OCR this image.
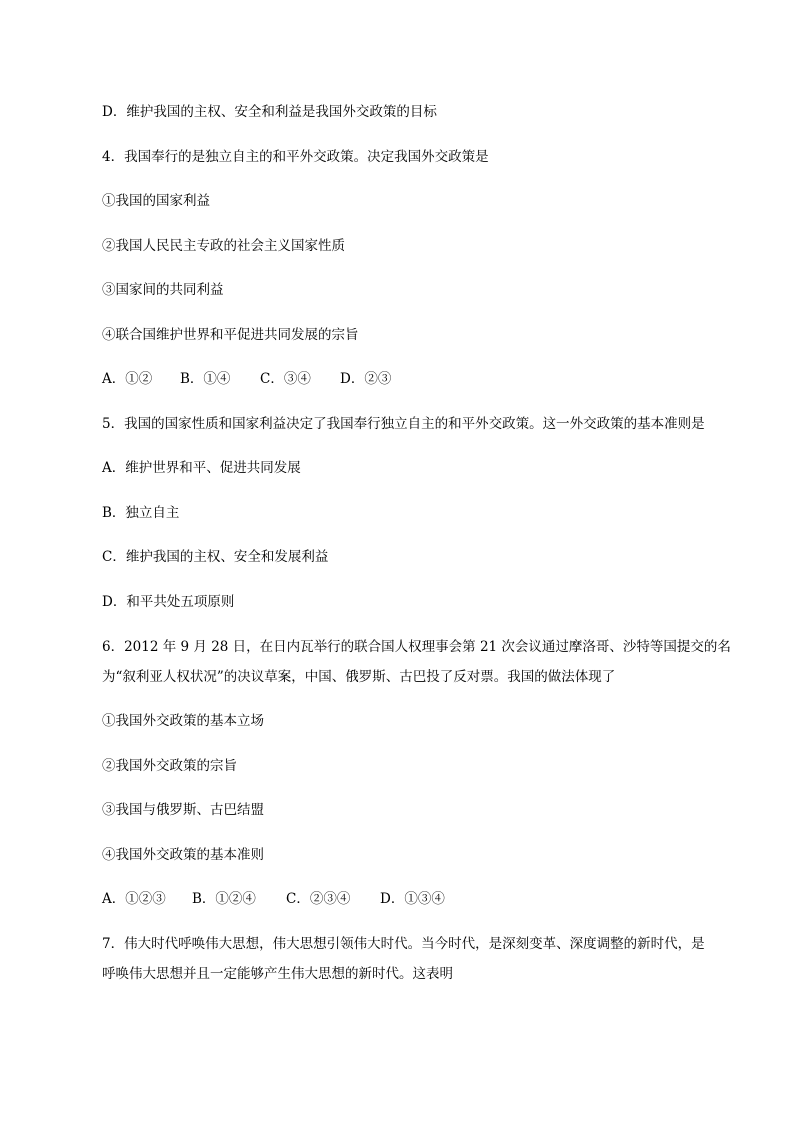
D．维护我国的主权、安全和利益是我国外交政策的目标
4．我国奉行的是独立自主的和平外交政策。决定我国外交政策是
①我国的国家利益
②我国人民民主专政的社会主义国家性质
③国家间的共同利益
④联合国维护世界和平促进共同发展的宗旨
A．①② B．①④ C．③④ D．②③
5．我国的国家性质和国家利益决定了我国奉行独立自主的和平外交政策。这一外交政策的基本准则是
A．维护世界和平、促进共同发展
B．独立自主
C．维护我国的主权、安全和发展利益
D．和平共处五项原则
6．2012 年 9 月 28 日，在日内瓦举行的联合国人权理事会第 21 次会议通过摩洛哥、沙特等国提交的名
为“叙利亚人权状况”的决议草案，中国、俄罗斯、古巴投了反对票。我国的做法体现了
①我国外交政策的基本立场
②我国外交政策的宗旨
③我国与俄罗斯、古巴结盟
④我国外交政策的基本准则
A．①②③ B．①②④ C．②③④ D．①③④
7．伟大时代呼唤伟大思想，伟大思想引领伟大时代。当今时代，是深刻变革、深度调整的新时代，是
呼唤伟大思想并且一定能够产生伟大思想的新时代。这表明
